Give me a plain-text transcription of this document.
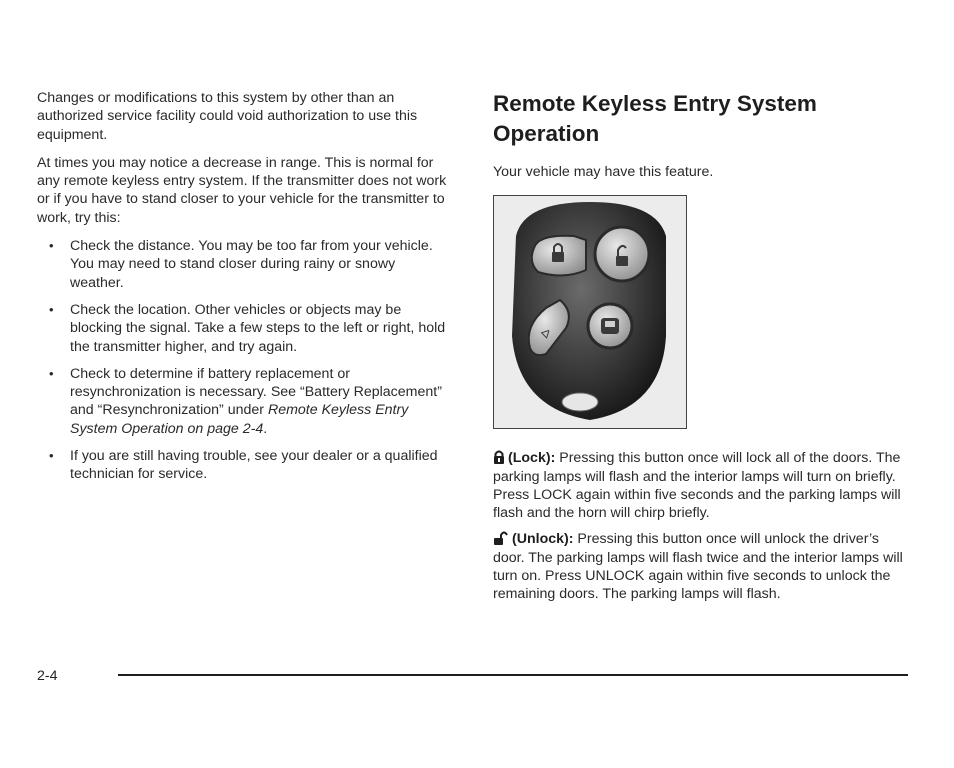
Changes or modifications to this system by other than an authorized service facility could void authorization to use this equipment.

At times you may notice a decrease in range. This is normal for any remote keyless entry system. If the transmitter does not work or if you have to stand closer to your vehicle for the transmitter to work, try this:

• Check the distance. You may be too far from your vehicle. You may need to stand closer during rainy or snowy weather.
• Check the location. Other vehicles or objects may be blocking the signal. Take a few steps to the left or right, hold the transmitter higher, and try again.
• Check to determine if battery replacement or resynchronization is necessary. See “Battery Replacement” and “Resynchronization” under Remote Keyless Entry System Operation on page 2-4.
• If you are still having trouble, see your dealer or a qualified technician for service.
Remote Keyless Entry System Operation

Your vehicle may have this feature.

ᐅ

(Lock): Pressing this button once will lock all of the doors. The parking lamps will flash and the interior lamps will turn on briefly. Press LOCK again within five seconds and the parking lamps will flash and the horn will chirp briefly.

(Unlock): Pressing this button once will unlock the driver’s door. The parking lamps will flash twice and the interior lamps will turn on. Press UNLOCK again within five seconds to unlock the remaining doors. The parking lamps will flash.

2-4
